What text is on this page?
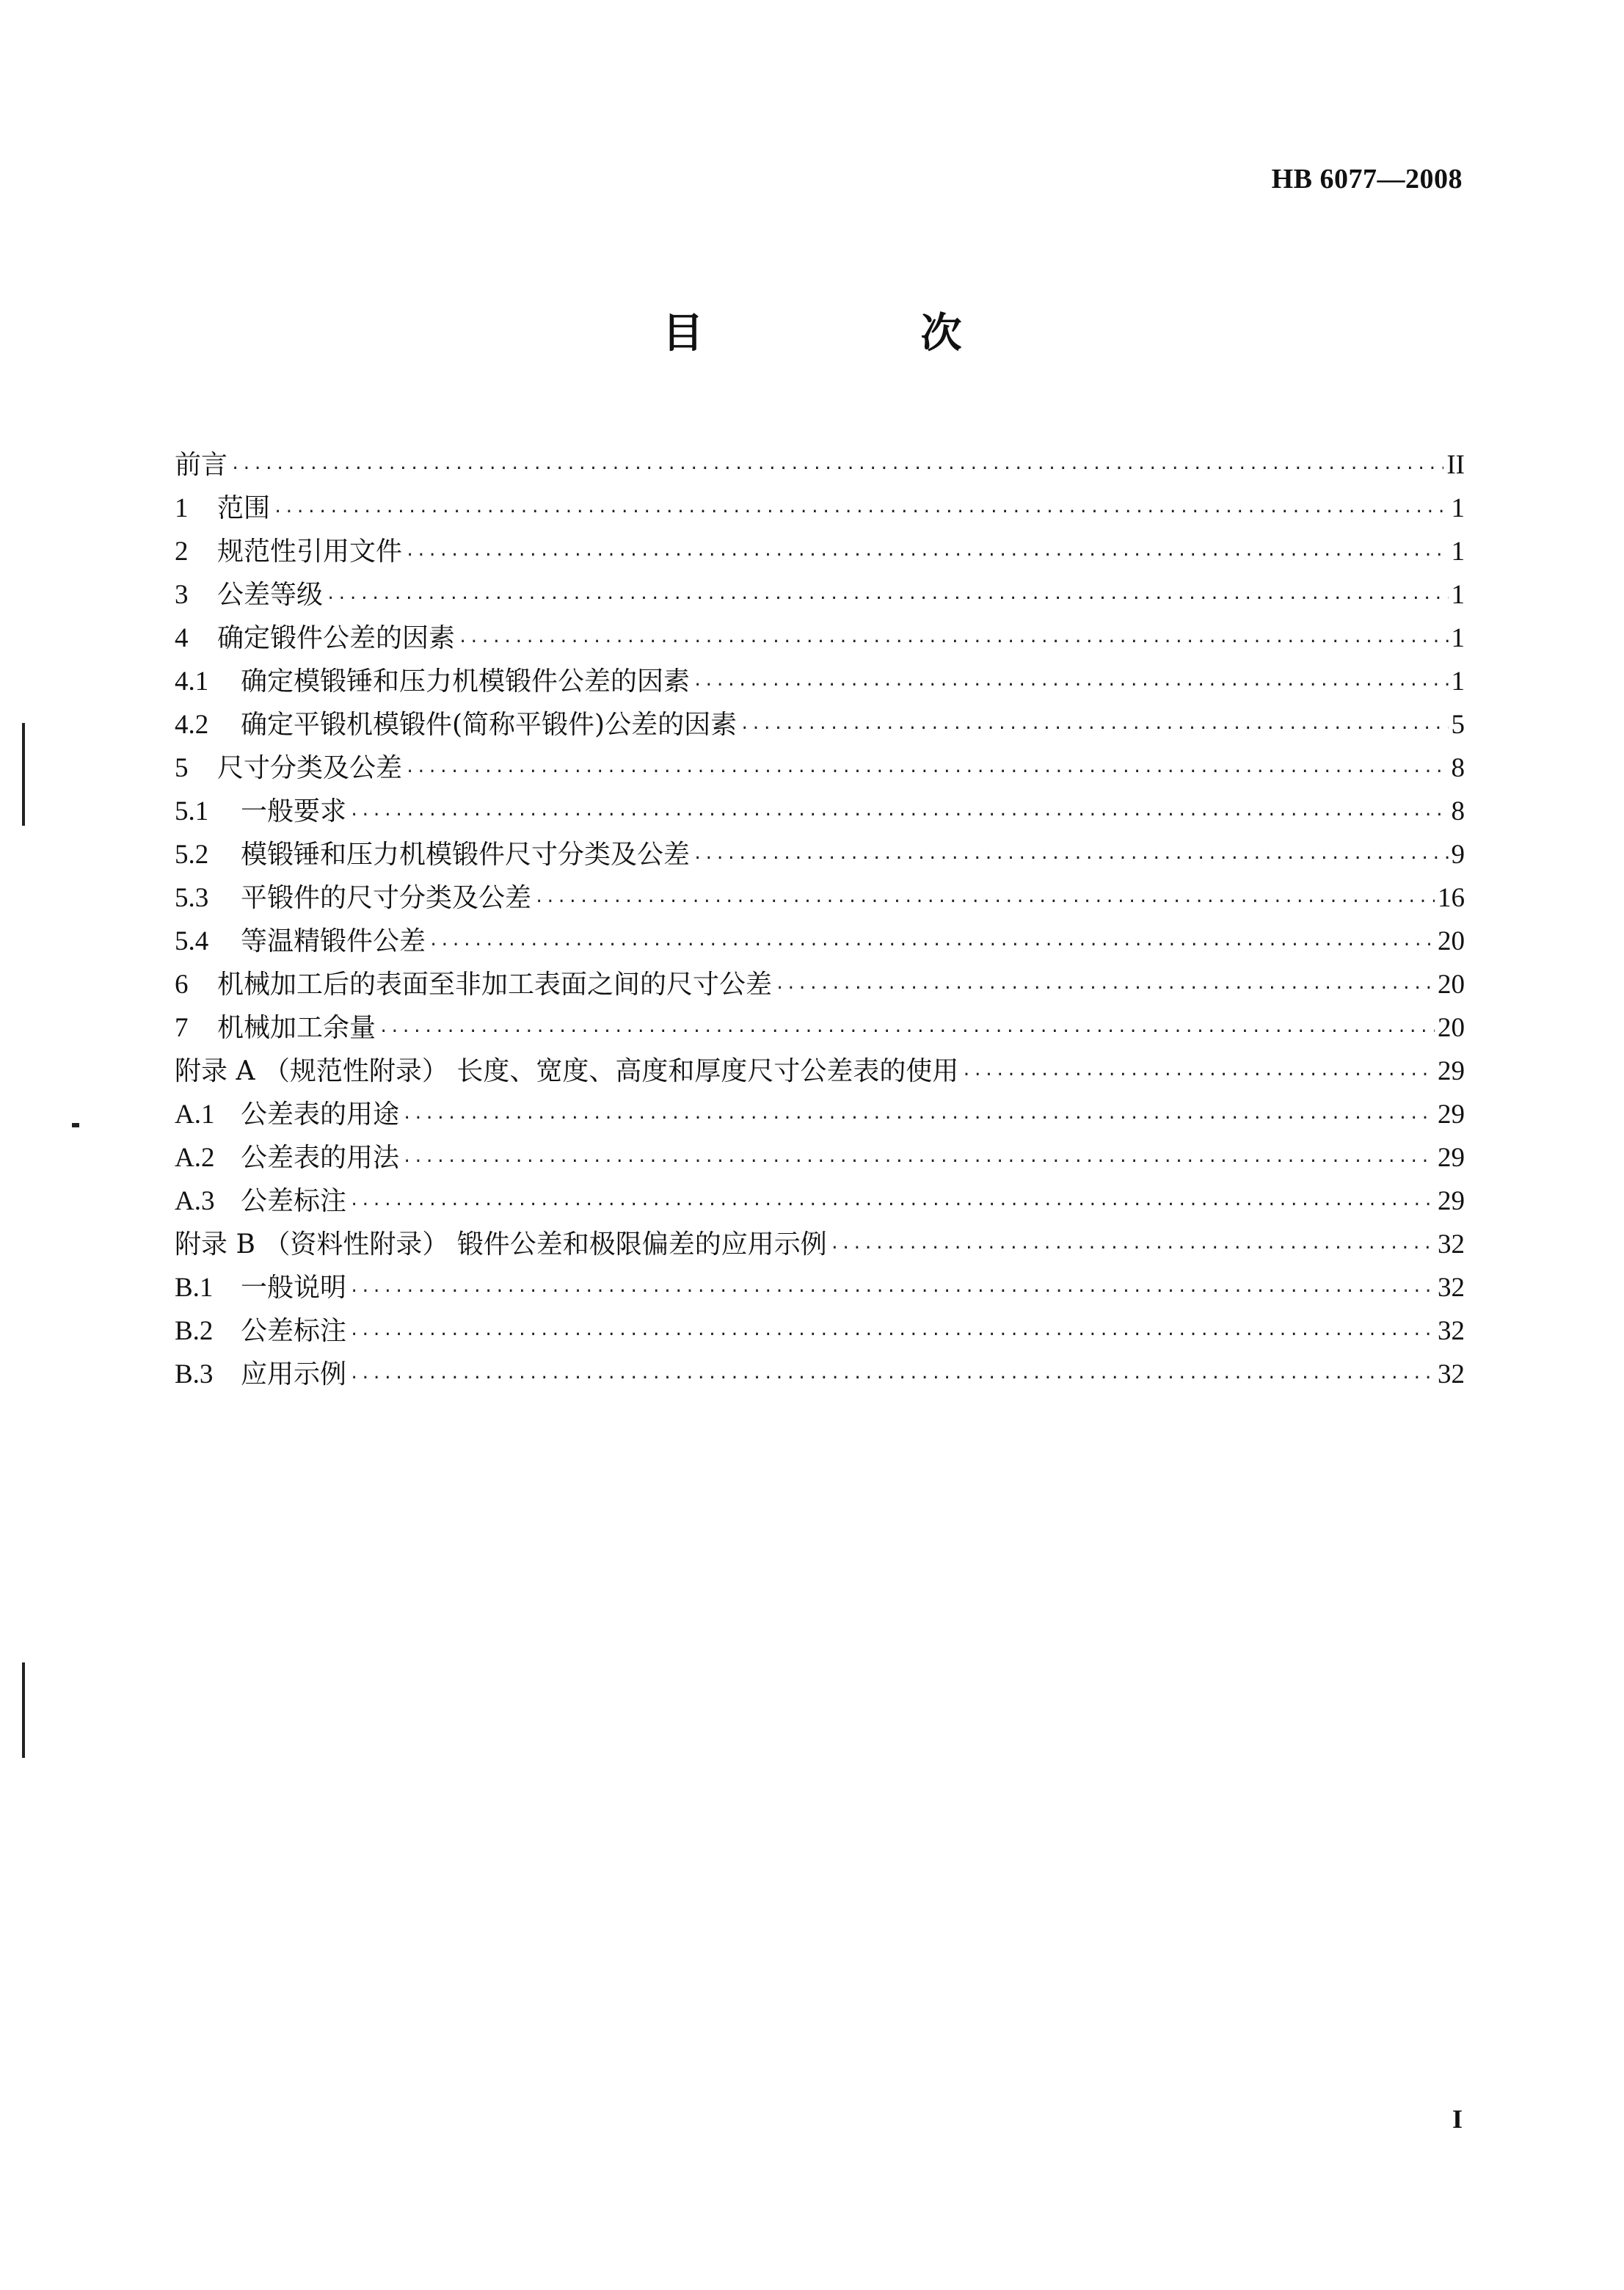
HB 6077—2008
目　次
前言 ·····	II
1	范围 ·····	1
2	规范性引用文件 ·····	1
3	公差等级 ·····	1
4	确定锻件公差的因素 ·····	1
4.1	确定模锻锤和压力机模锻件公差的因素 ·····	1
4.2	确定平锻机模锻件(简称平锻件)公差的因素 ·····	5
5	尺寸分类及公差 ·····	8
5.1	一般要求 ·····	8
5.2	模锻锤和压力机模锻件尺寸分类及公差 ·····	9
5.3	平锻件的尺寸分类及公差 ·····	16
5.4	等温精锻件公差 ·····	20
6	机械加工后的表面至非加工表面之间的尺寸公差 ·····	20
7	机械加工余量 ·····	20
附录 A （规范性附录） 长度、宽度、高度和厚度尺寸公差表的使用 ·····	29
A.1 公差表的用途 ·····	29
A.2 公差表的用法 ·····	29
A.3 公差标注 ·····	29
附录 B （资料性附录） 锻件公差和极限偏差的应用示例 ·····	32
B.1	一般说明 ·····	32
B.2	公差标注 ·····	32
B.3	应用示例 ·····	32
I
